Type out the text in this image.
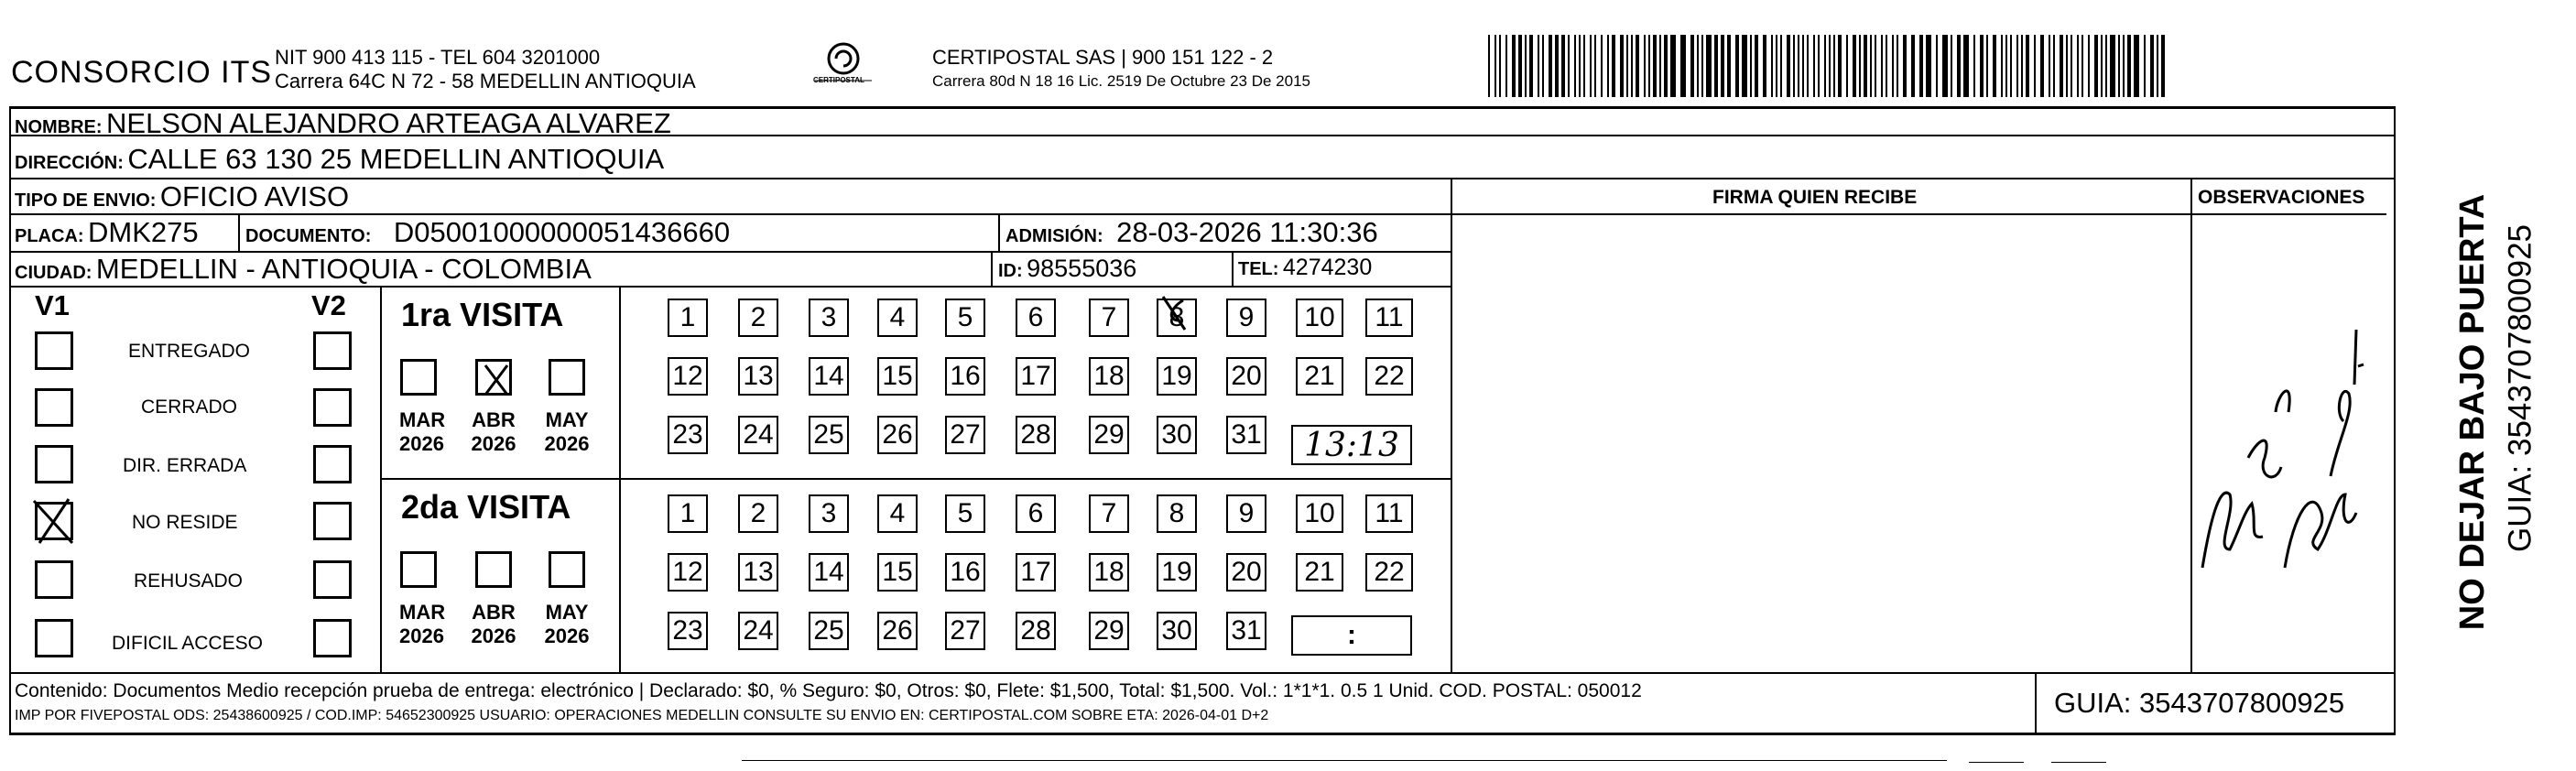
CONSORCIO ITS NIT 900 413 115 - TEL 604 3201000
Carrera 64C N 72 - 58 MEDELLIN ANTIOQUIA	CERTIPOSTAL
CERTIPOSTAL SAS | 900 151 122 - 2
Carrera 80d N 18 16 Lic. 2519 De Octubre 23 De 2015
NOMBRE: NELSON ALEJANDRO ARTEAGA ALVAREZ
DIRECCIÓN: CALLE 63 130 25 MEDELLIN ANTIOQUIA
TIPO DE ENVIO: OFICIO AVISO	FIRMA QUIEN RECIBE	OBSERVACIONES
PLACA: DMK275	DOCUMENTO: D05001000000051436660	ADMISIÓN: 28-03-2026 11:30:36
CIUDAD: MEDELLIN - ANTIOQUIA - COLOMBIA	ID: 98555036	TEL: 4274230
V1	V2
ENTREGADO
CERRADO
DIR. ERRADA
NO RESIDE
REHUSADO
DIFICIL ACCESO
1ra VISITA
MAR
2026
ABR
2026
MAY
2026
1	2	3	4	5	6	7	8	9	10	11
12 13 14 15 16 17 18 19 20	21	22
23 24 25 26 27 28 29 30 31	13:13
2da VISITA
MAR
2026
ABR
2026
MAY
2026
1	2	3	4	5	6	7	8	9	10	11
12 13 14 15 16 17 18 19 20	21	22
23 24 25 26 27 28 29 30 31	:
Contenido: Documentos Medio recepción prueba de entrega: electrónico | Declarado: $0, % Seguro: $0, Otros: $0, Flete: $1,500, Total: $1,500. Vol.: 1*1*1. 0.5 1 Unid. COD. POSTAL: 050012
IMP POR FIVEPOSTAL ODS: 25438600925 / COD.IMP: 54652300925 USUARIO: OPERACIONES MEDELLIN CONSULTE SU ENVIO EN: CERTIPOSTAL.COM SOBRE ETA: 2026-04-01 D+2	GUIA: 3543707800925
NO DEJAR BAJO PUERTA GUIA: 3543707800925
